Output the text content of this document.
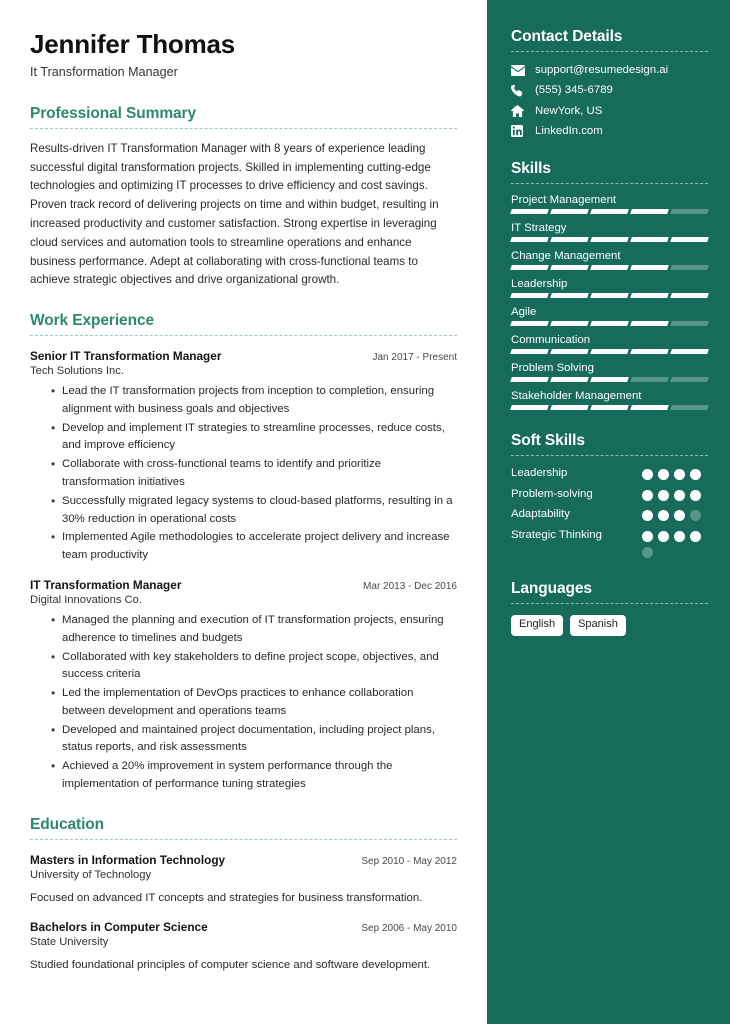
Jennifer Thomas
It Transformation Manager
Professional Summary
Results-driven IT Transformation Manager with 8 years of experience leading successful digital transformation projects. Skilled in implementing cutting-edge technologies and optimizing IT processes to drive efficiency and cost savings. Proven track record of delivering projects on time and within budget, resulting in increased productivity and customer satisfaction. Strong expertise in leveraging cloud services and automation tools to streamline operations and enhance business performance. Adept at collaborating with cross-functional teams to achieve strategic objectives and drive organizational growth.
Work Experience
Senior IT Transformation Manager	Jan 2017 - Present
Tech Solutions Inc.
• Lead the IT transformation projects from inception to completion, ensuring alignment with business goals and objectives
• Develop and implement IT strategies to streamline processes, reduce costs, and improve efficiency
• Collaborate with cross-functional teams to identify and prioritize transformation initiatives
• Successfully migrated legacy systems to cloud-based platforms, resulting in a 30% reduction in operational costs
• Implemented Agile methodologies to accelerate project delivery and increase team productivity
IT Transformation Manager	Mar 2013 - Dec 2016
Digital Innovations Co.
• Managed the planning and execution of IT transformation projects, ensuring adherence to timelines and budgets
• Collaborated with key stakeholders to define project scope, objectives, and success criteria
• Led the implementation of DevOps practices to enhance collaboration between development and operations teams
• Developed and maintained project documentation, including project plans, status reports, and risk assessments
• Achieved a 20% improvement in system performance through the implementation of performance tuning strategies
Education
Masters in Information Technology	Sep 2010 - May 2012
University of Technology
Focused on advanced IT concepts and strategies for business transformation.
Bachelors in Computer Science	Sep 2006 - May 2010
State University
Studied foundational principles of computer science and software development.
Contact Details
support@resumedesign.ai
(555) 345-6789
NewYork, US
LinkedIn.com
Skills
Project Management
IT Strategy
Change Management
Leadership
Agile
Communication
Problem Solving
Stakeholder Management
Soft Skills
Leadership
Problem-solving
Adaptability
Strategic Thinking
Languages
English	Spanish
